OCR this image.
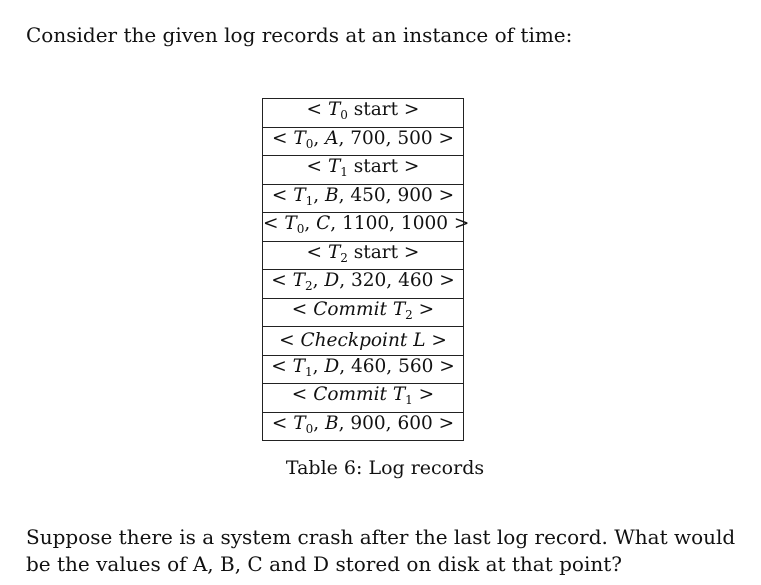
Consider the given log records at an instance of time:
< $T_0$ start >
< $T_0$, A, 700, 500 >
< $T_1$ start >
< $T_1$, B, 450, 900 >
< $T_0$, C, 1100, 1000 >
< $T_2$ start >
< $T_2$, D, 320, 460 >
< Commit $T_2$ >
< Checkpoint L >
< $T_1$, D, 460, 560 >
< Commit $T_1$ >
< $T_0$, B, 900, 600 >
Table 6: Log records
Suppose there is a system crash after the last log record. What would be the values of A, B, C and D stored on disk at that point?
